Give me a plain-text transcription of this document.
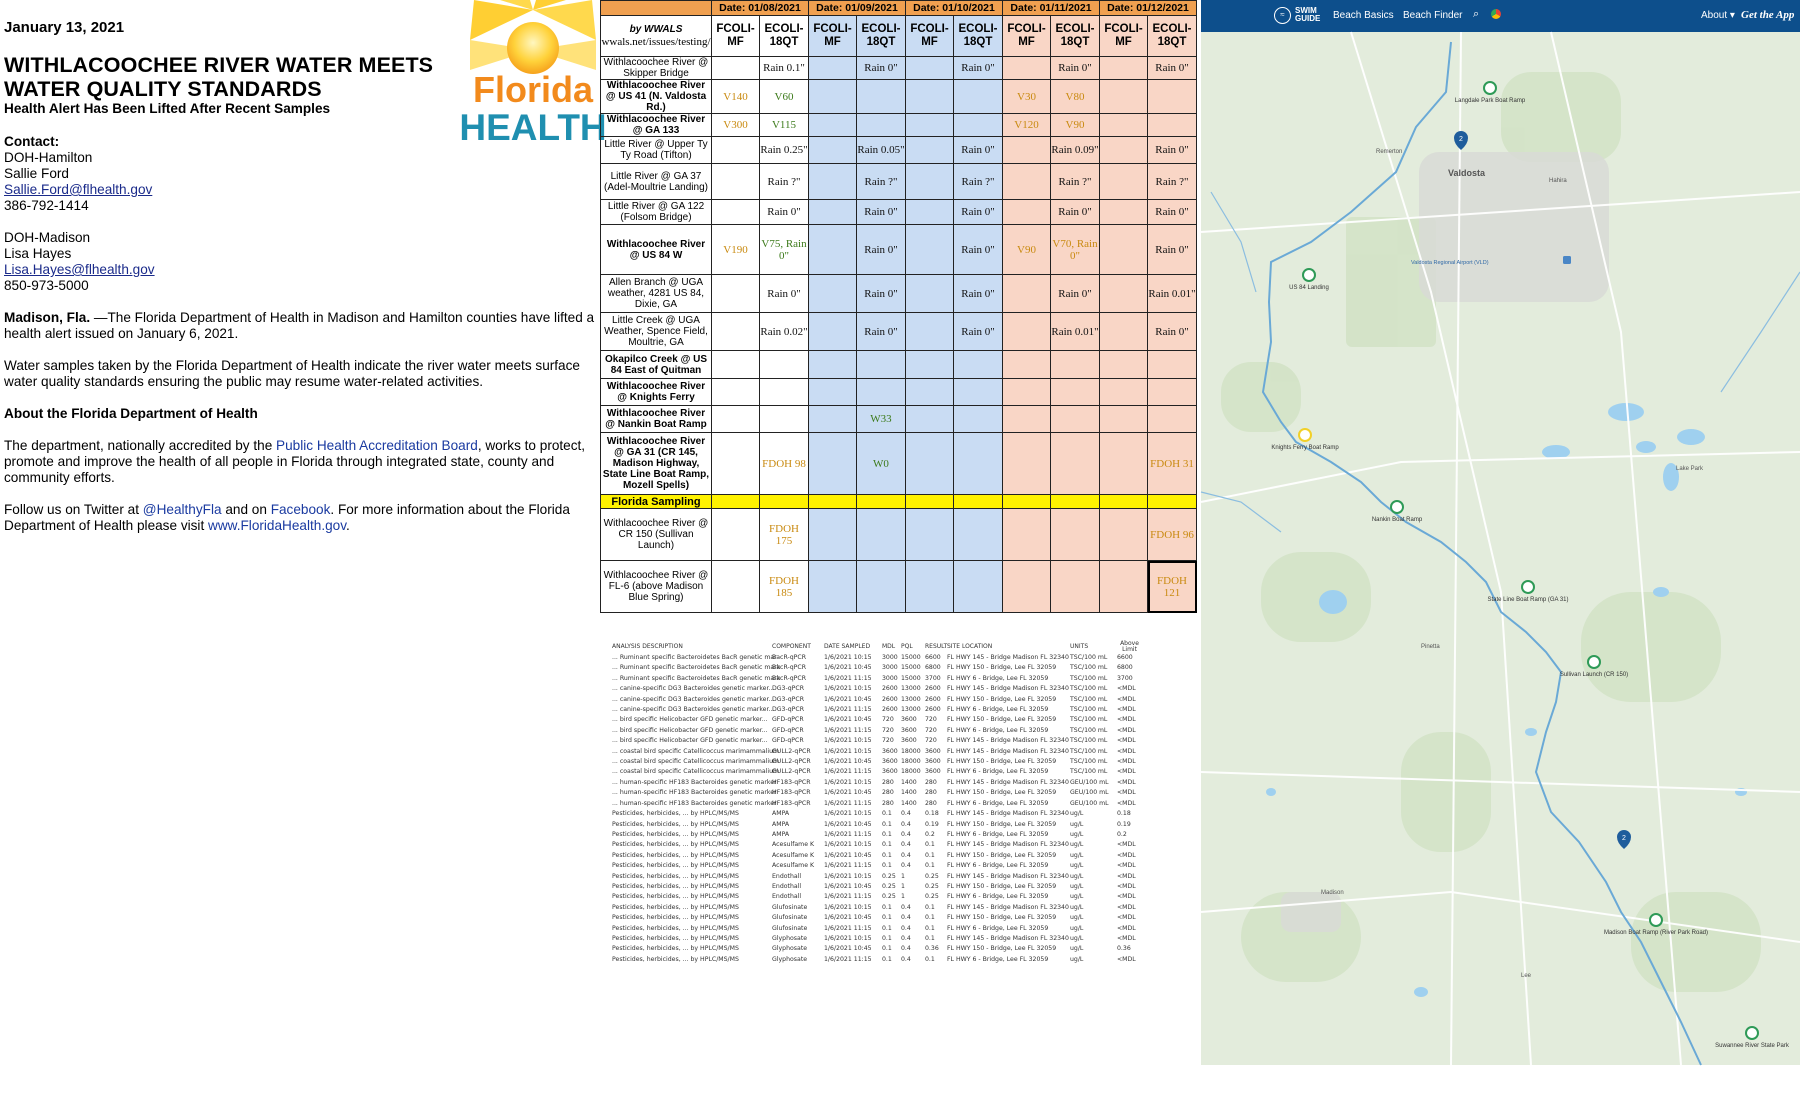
January 13, 2021
WITHLACOOCHEE RIVER WATER MEETS
WATER QUALITY STANDARDS
Health Alert Has Been Lifted After Recent Samples
Contact:
DOH-Hamilton
Sallie Ford
Sallie.Ford@flhealth.gov
386-792-1414
DOH-Madison
Lisa Hayes
Lisa.Hayes@flhealth.gov
850-973-5000
Madison, Fla. —The Florida Department of Health in Madison and Hamilton counties have lifted a health alert issued on January 6, 2021.
Water samples taken by the Florida Department of Health indicate the river water meets surface water quality standards ensuring the public may resume water-related activities.
About the Florida Department of Health
The department, nationally accredited by the Public Health Accreditation Board, works to protect, promote and improve the health of all people in Florida through integrated state, county and community efforts.
Follow us on Twitter at @HealthyFla and on Facebook. For more information about the Florida Department of Health please visit www.FloridaHealth.gov.
Florida
HEALTH
	Date: 01/08/2021		Date: 01/09/2021		Date: 01/10/2021		Date: 01/11/2021		Date: 01/12/2021	
by WWALS
wwals.net/issues/testing/	FCOLI-MF	ECOLI-18QT	FCOLI-MF	ECOLI-18QT	FCOLI-MF	ECOLI-18QT	FCOLI-MF	ECOLI-18QT	FCOLI-MF	ECOLI-18QT
Withlacoochee River @ Skipper Bridge		Rain 0.1"		Rain 0"		Rain 0"		Rain 0"		Rain 0"
Withlacoochee River @ US 41 (N. Valdosta Rd.)	V140	V60					V30	V80		
Withlacoochee River @ GA 133	V300	V115					V120	V90		
Little River @ Upper Ty Ty Road (Tifton)		Rain 0.25"		Rain 0.05"		Rain 0"		Rain 0.09"		Rain 0"
Little River @ GA 37 (Adel-Moultrie Landing)		Rain ?"		Rain ?"		Rain ?"		Rain ?"		Rain ?"
Little River @ GA 122 (Folsom Bridge)		Rain 0"		Rain 0"		Rain 0"		Rain 0"		Rain 0"
Withlacoochee River @ US 84 W	V190	V75, Rain 0"		Rain 0"		Rain 0"	V90	V70, Rain 0"		Rain 0"
Allen Branch @ UGA weather, 4281 US 84, Dixie, GA		Rain 0"		Rain 0"		Rain 0"		Rain 0"		Rain 0.01"
Little Creek @ UGA Weather, Spence Field, Moultrie, GA		Rain 0.02"		Rain 0"		Rain 0"		Rain 0.01"		Rain 0"
Okapilco Creek @ US 84 East of Quitman										
Withlacoochee River @ Knights Ferry										
Withlacoochee River @ Nankin Boat Ramp				W33						
Withlacoochee River @ GA 31 (CR 145, Madison Highway, State Line Boat Ramp, Mozell Spells)		FDOH 98		W0						FDOH 31
Florida Sampling										
Withlacoochee River @ CR 150 (Sullivan Launch)		FDOH 175								FDOH 96
Withlacoochee River @ FL-6 (above Madison Blue Spring)		FDOH 185								FDOH 121
ANALYSIS DESCRIPTION	COMPONENT	DATE SAMPLED	MDL	PQL	RESULT	SITE LOCATION	UNITS	Above Limit
... Ruminant specific Bacteroidetes BacR genetic mar	BacR-qPCR	1/6/2021 10:15	3000	15000	6600	FL HWY 145 - Bridge Madison FL 32340	TSC/100 mL	6600
... Ruminant specific Bacteroidetes BacR genetic mark	BacR-qPCR	1/6/2021 10:45	3000	15000	6800	FL HWY 150 - Bridge, Lee FL 32059	TSC/100 mL	6800
... Ruminant specific Bacteroidetes BacR genetic mark	BacR-qPCR	1/6/2021 11:15	3000	15000	3700	FL HWY 6 - Bridge, Lee FL 32059	TSC/100 mL	3700
... canine-specific DG3 Bacteroides genetic marker...	DG3-qPCR	1/6/2021 10:15	2600	13000	2600	FL HWY 145 - Bridge Madison FL 32340	TSC/100 mL	<MDL
... canine-specific DG3 Bacteroides genetic marker...	DG3-qPCR	1/6/2021 10:45	2600	13000	2600	FL HWY 150 - Bridge, Lee FL 32059	TSC/100 mL	<MDL
... canine-specific DG3 Bacteroides genetic marker...	DG3-qPCR	1/6/2021 11:15	2600	13000	2600	FL HWY 6 - Bridge, Lee FL 32059	TSC/100 mL	<MDL
... bird specific Helicobacter GFD genetic marker...	GFD-qPCR	1/6/2021 10:45	720	3600	720	FL HWY 150 - Bridge, Lee FL 32059	TSC/100 mL	<MDL
... bird specific Helicobacter GFD genetic marker...	GFD-qPCR	1/6/2021 11:15	720	3600	720	FL HWY 6 - Bridge, Lee FL 32059	TSC/100 mL	<MDL
... bird specific Helicobacter GFD genetic marker...	GFD-qPCR	1/6/2021 10:15	720	3600	720	FL HWY 145 - Bridge Madison FL 32340	TSC/100 mL	<MDL
... coastal bird specific Catellicoccus marimammalium	GULL2-qPCR	1/6/2021 10:15	3600	18000	3600	FL HWY 145 - Bridge Madison FL 32340	TSC/100 mL	<MDL
... coastal bird specific Catellicoccus marimammalium	GULL2-qPCR	1/6/2021 10:45	3600	18000	3600	FL HWY 150 - Bridge, Lee FL 32059	TSC/100 mL	<MDL
... coastal bird specific Catellicoccus marimammalium	GULL2-qPCR	1/6/2021 11:15	3600	18000	3600	FL HWY 6 - Bridge, Lee FL 32059	TSC/100 mL	<MDL
... human-specific HF183 Bacteroides genetic marker	HF183-qPCR	1/6/2021 10:15	280	1400	280	FL HWY 145 - Bridge Madison FL 32340	GEU/100 mL	<MDL
... human-specific HF183 Bacteroides genetic marker	HF183-qPCR	1/6/2021 10:45	280	1400	280	FL HWY 150 - Bridge, Lee FL 32059	GEU/100 mL	<MDL
... human-specific HF183 Bacteroides genetic marker	HF183-qPCR	1/6/2021 11:15	280	1400	280	FL HWY 6 - Bridge, Lee FL 32059	GEU/100 mL	<MDL
Pesticides, herbicides, ... by HPLC/MS/MS	AMPA	1/6/2021 10:15	0.1	0.4	0.18	FL HWY 145 - Bridge Madison FL 32340	ug/L	0.18
Pesticides, herbicides, ... by HPLC/MS/MS	AMPA	1/6/2021 10:45	0.1	0.4	0.19	FL HWY 150 - Bridge, Lee FL 32059	ug/L	0.19
Pesticides, herbicides, ... by HPLC/MS/MS	AMPA	1/6/2021 11:15	0.1	0.4	0.2	FL HWY 6 - Bridge, Lee FL 32059	ug/L	0.2
Pesticides, herbicides, ... by HPLC/MS/MS	Acesulfame K	1/6/2021 10:15	0.1	0.4	0.1	FL HWY 145 - Bridge Madison FL 32340	ug/L	<MDL
Pesticides, herbicides, ... by HPLC/MS/MS	Acesulfame K	1/6/2021 10:45	0.1	0.4	0.1	FL HWY 150 - Bridge, Lee FL 32059	ug/L	<MDL
Pesticides, herbicides, ... by HPLC/MS/MS	Acesulfame K	1/6/2021 11:15	0.1	0.4	0.1	FL HWY 6 - Bridge, Lee FL 32059	ug/L	<MDL
Pesticides, herbicides, ... by HPLC/MS/MS	Endothall	1/6/2021 10:15	0.25	1	0.25	FL HWY 145 - Bridge Madison FL 32340	ug/L	<MDL
Pesticides, herbicides, ... by HPLC/MS/MS	Endothall	1/6/2021 10:45	0.25	1	0.25	FL HWY 150 - Bridge, Lee FL 32059	ug/L	<MDL
Pesticides, herbicides, ... by HPLC/MS/MS	Endothall	1/6/2021 11:15	0.25	1	0.25	FL HWY 6 - Bridge, Lee FL 32059	ug/L	<MDL
Pesticides, herbicides, ... by HPLC/MS/MS	Glufosinate	1/6/2021 10:15	0.1	0.4	0.1	FL HWY 145 - Bridge Madison FL 32340	ug/L	<MDL
Pesticides, herbicides, ... by HPLC/MS/MS	Glufosinate	1/6/2021 10:45	0.1	0.4	0.1	FL HWY 150 - Bridge, Lee FL 32059	ug/L	<MDL
Pesticides, herbicides, ... by HPLC/MS/MS	Glufosinate	1/6/2021 11:15	0.1	0.4	0.1	FL HWY 6 - Bridge, Lee FL 32059	ug/L	<MDL
Pesticides, herbicides, ... by HPLC/MS/MS	Glyphosate	1/6/2021 10:15	0.1	0.4	0.1	FL HWY 145 - Bridge Madison FL 32340	ug/L	<MDL
Pesticides, herbicides, ... by HPLC/MS/MS	Glyphosate	1/6/2021 10:45	0.1	0.4	0.36	FL HWY 150 - Bridge, Lee FL 32059	ug/L	0.36
Pesticides, herbicides, ... by HPLC/MS/MS	Glyphosate	1/6/2021 11:15	0.1	0.4	0.1	FL HWY 6 - Bridge, Lee FL 32059	ug/L	<MDL
≈	SWIM
GUIDE Beach Basics Beach Finder ⌕	About ▾ Get the App
Valdosta
Remerton
Valdosta Regional Airport (VLD)
Hahira
Pinetta
Madison
Lee
Lake Park
Langdale Park Boat Ramp
US 84 Landing
Knights Ferry Boat Ramp
Nankin Boat Ramp
State Line Boat Ramp (GA 31)
Sullivan Launch (CR 150)
Madison Boat Ramp (River Park Road)
Suwannee River State Park
2
2
